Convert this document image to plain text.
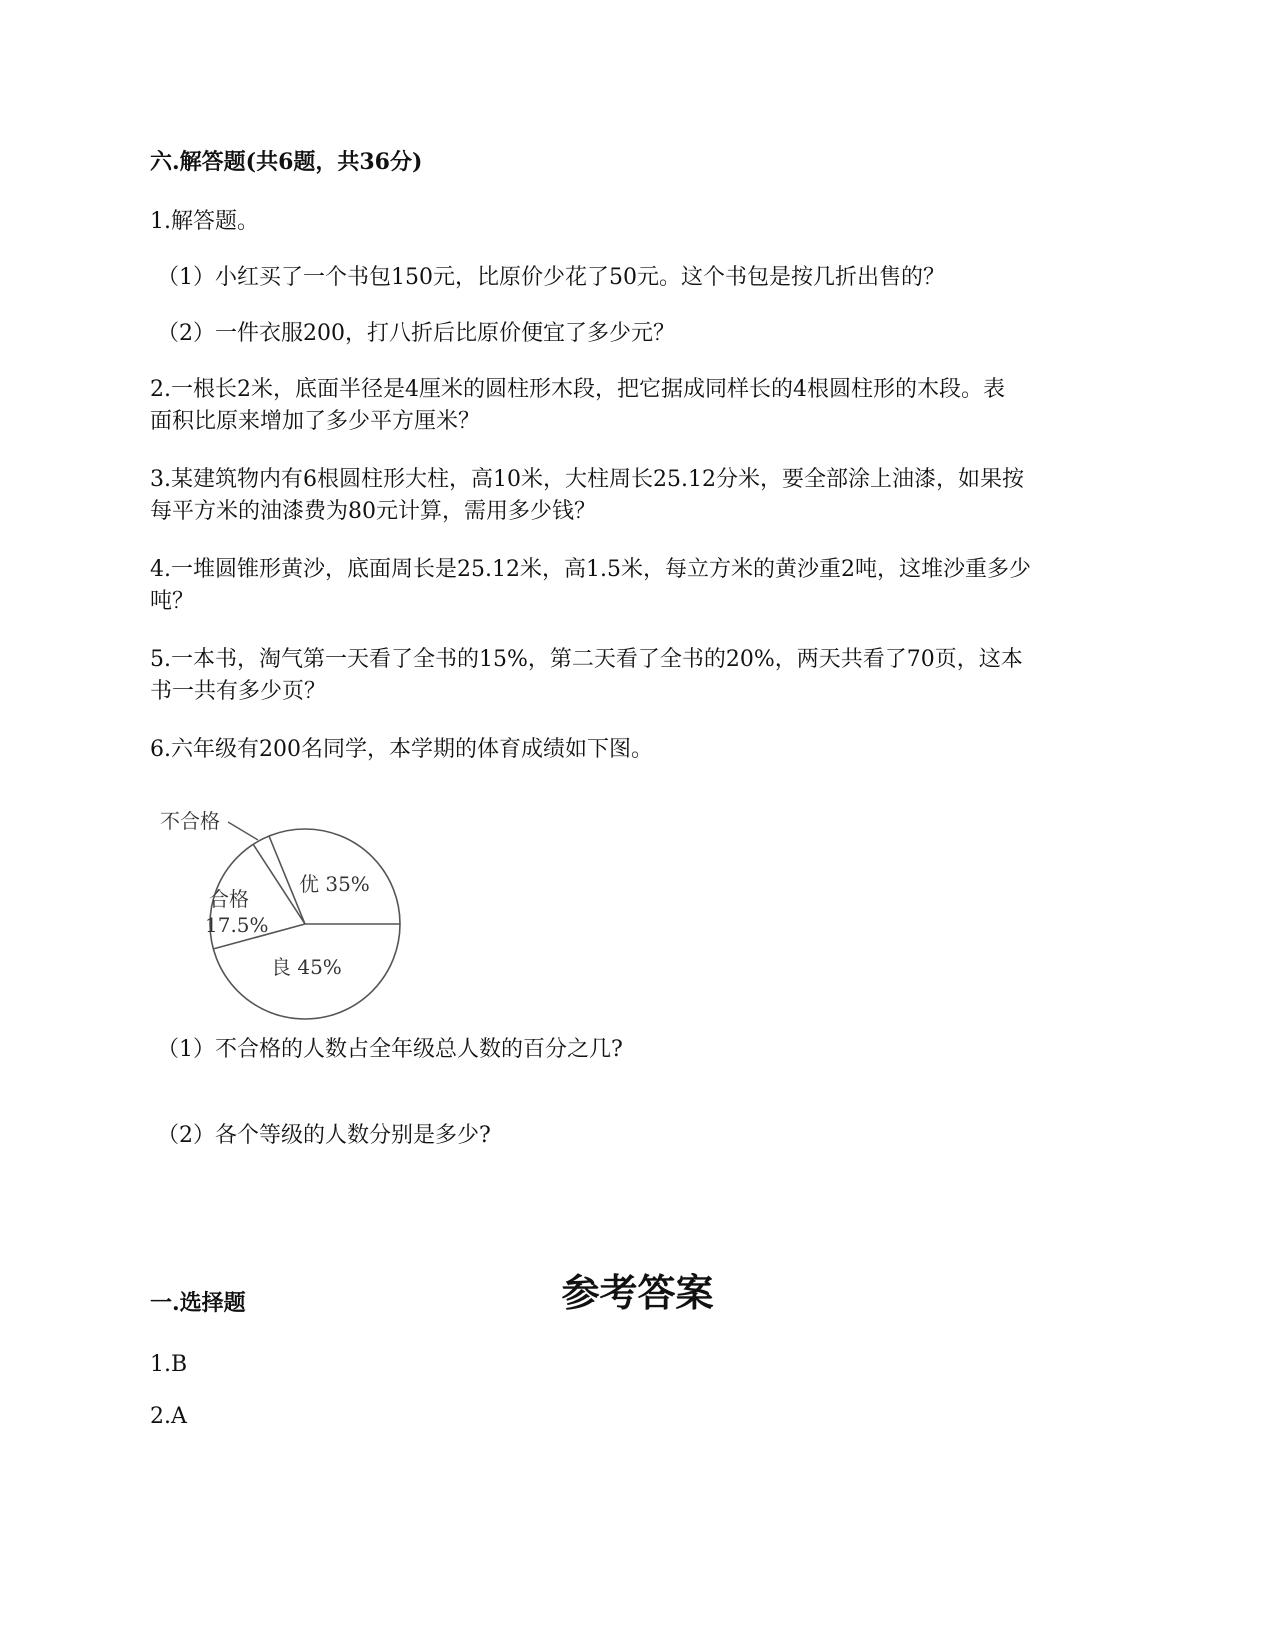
六.解答题(共6题，共36分)
1.解答题。
（1）小红买了一个书包150元，比原价少花了50元。这个书包是按几折出售的？
（2）一件衣服200，打八折后比原价便宜了多少元？
2.一根长2米，底面半径是4厘米的圆柱形木段，把它据成同样长的4根圆柱形的木段。表
面积比原来增加了多少平方厘米？
3.某建筑物内有6根圆柱形大柱，高10米，大柱周长25.12分米，要全部涂上油漆，如果按
每平方米的油漆费为80元计算，需用多少钱？
4.一堆圆锥形黄沙，底面周长是25.12米，高1.5米，每立方米的黄沙重2吨，这堆沙重多少
吨？
5.一本书，淘气第一天看了全书的15%，第二天看了全书的20%，两天共看了70页，这本
书一共有多少页？
6.六年级有200名同学，本学期的体育成绩如下图。
不合格
优 35%
合格
17.5%
良 45%
（1）不合格的人数占全年级总人数的百分之几?
（2）各个等级的人数分别是多少?
参考答案
一.选择题
1.B
2.A
